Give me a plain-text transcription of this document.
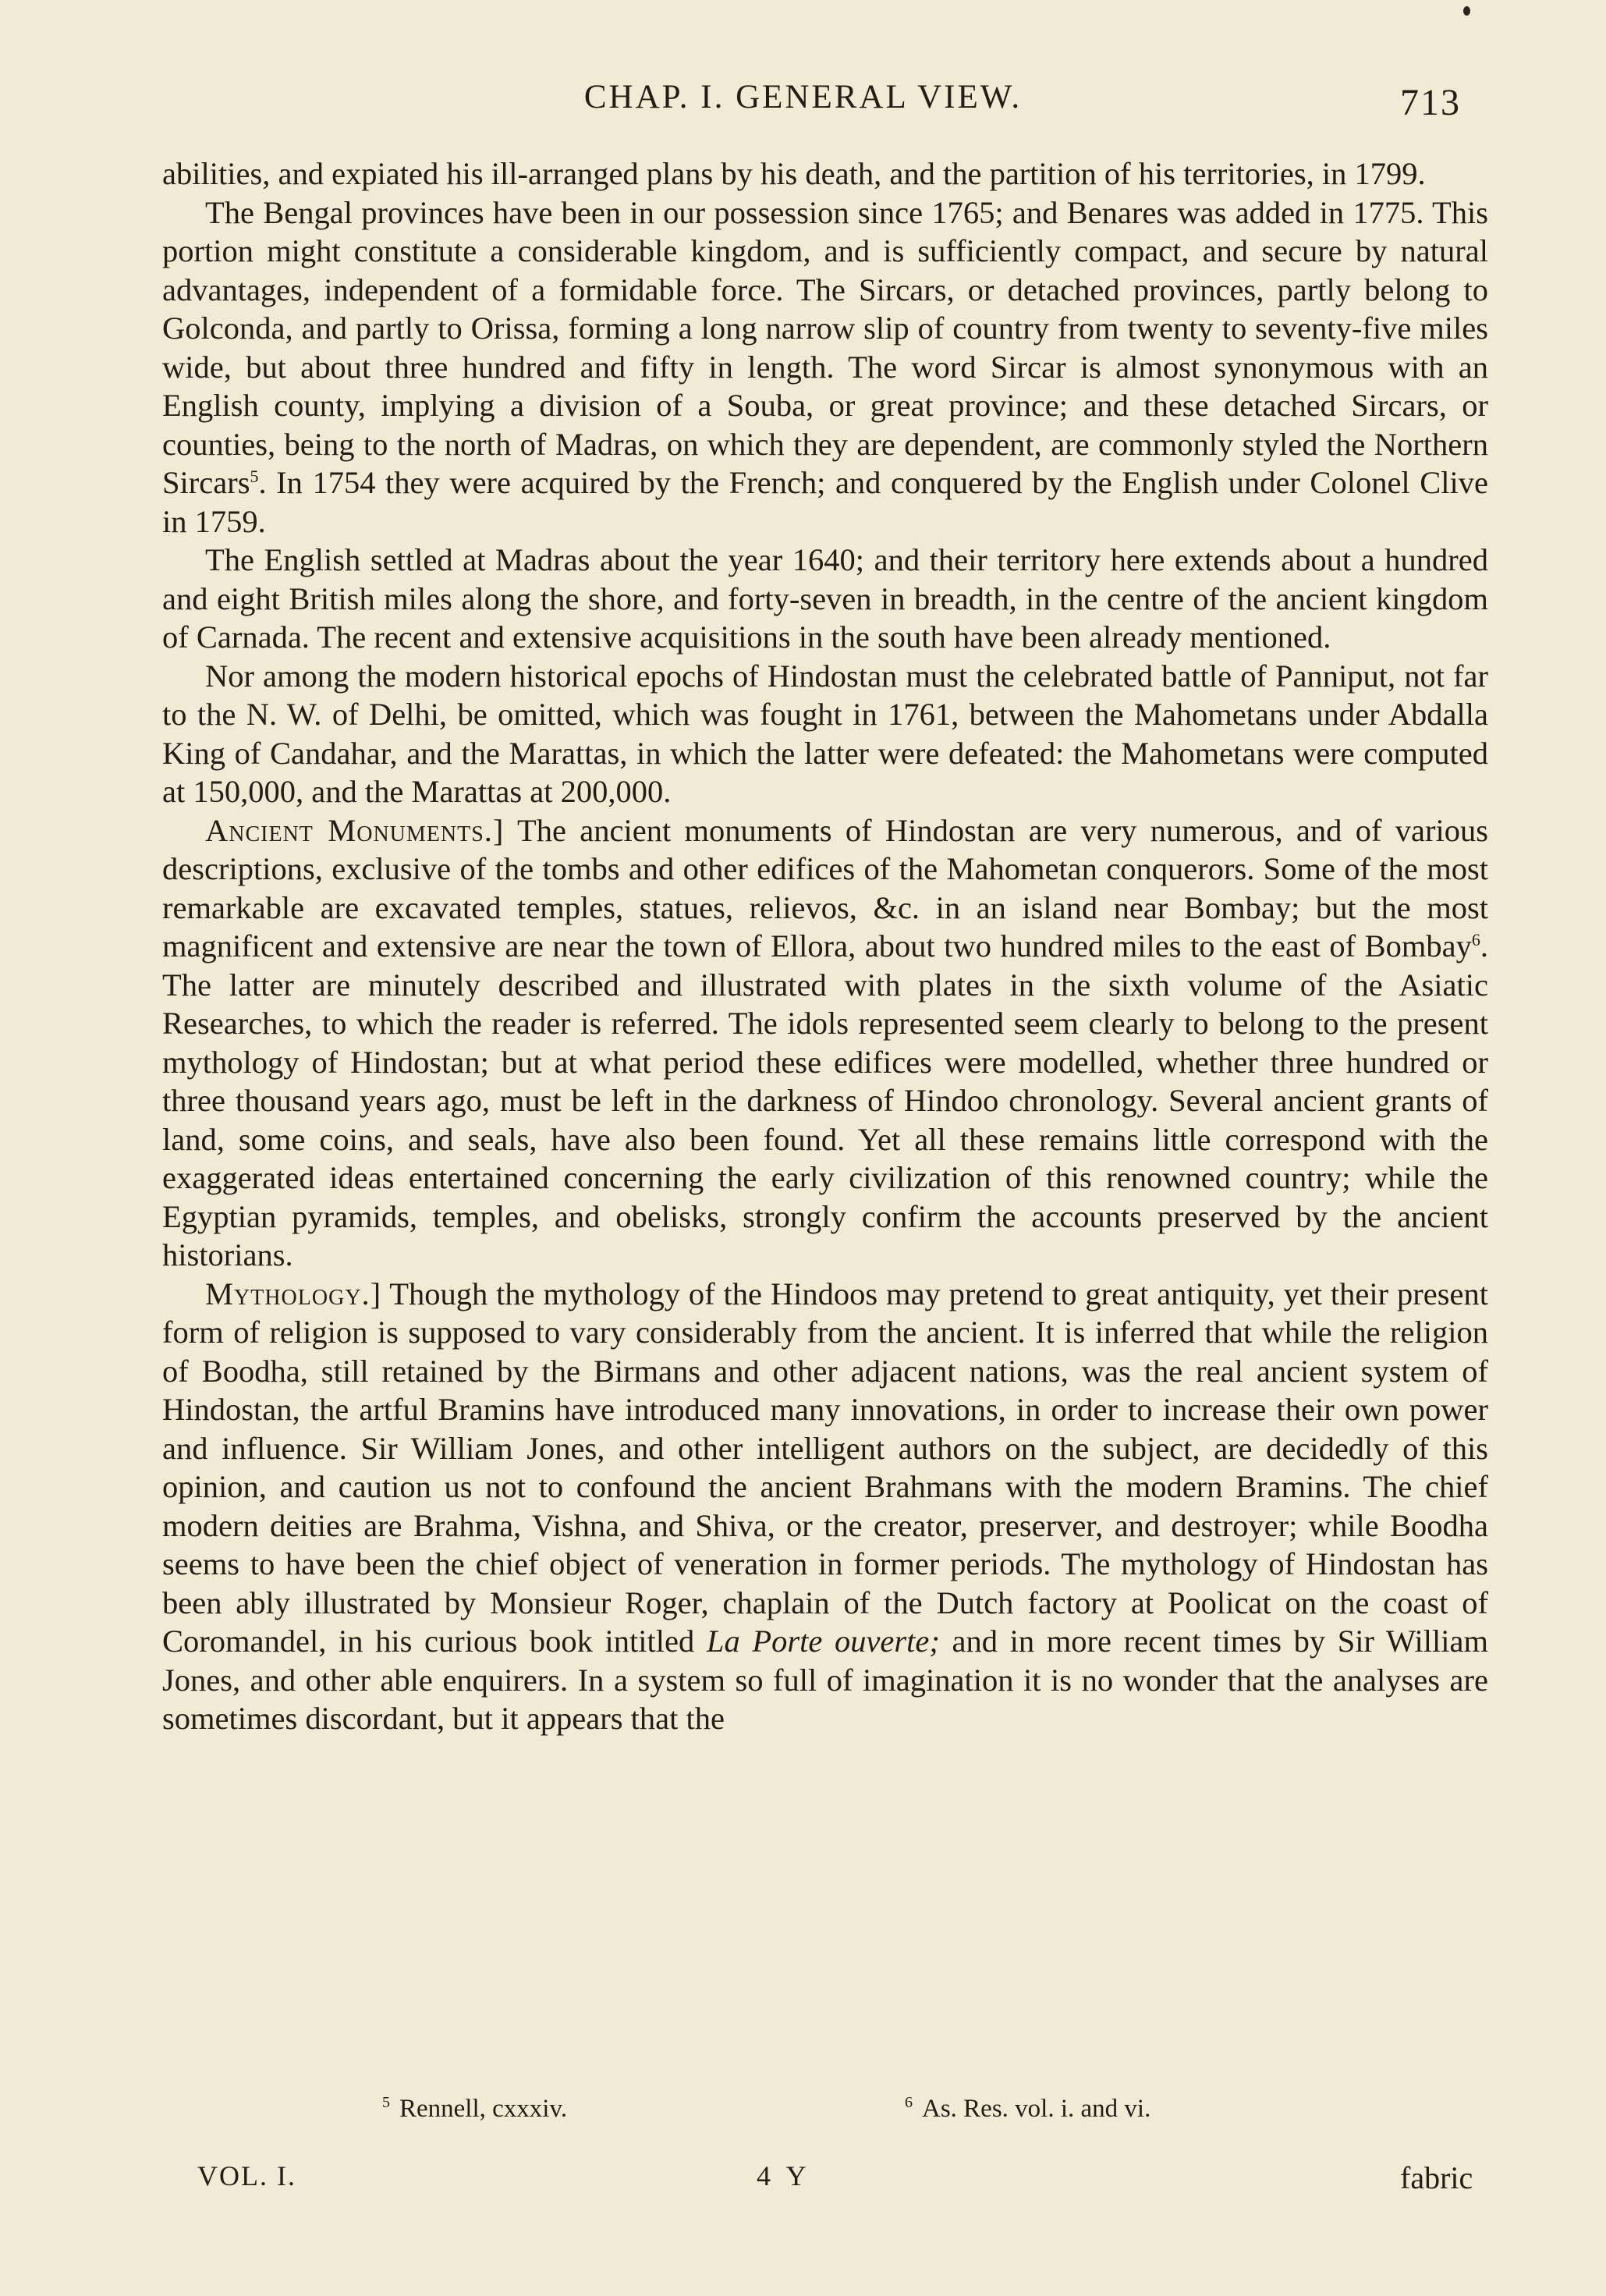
CHAP. I. GENERAL VIEW.	713

abilities, and expiated his ill-arranged plans by his death, and the partition of his territories, in 1799.

The Bengal provinces have been in our possession since 1765; and Benares was added in 1775. This portion might constitute a considerable kingdom, and is sufficiently compact, and secure by natural advantages, independent of a formidable force. The Sircars, or detached provinces, partly belong to Golconda, and partly to Orissa, forming a long narrow slip of country from twenty to seventy-five miles wide, but about three hundred and fifty in length. The word Sircar is almost synonymous with an English county, implying a division of a Souba, or great province; and these detached Sircars, or counties, being to the north of Madras, on which they are dependent, are commonly styled the Northern Sircars$^5$. In 1754 they were acquired by the French; and conquered by the English under Colonel Clive in 1759.

The English settled at Madras about the year 1640; and their territory here extends about a hundred and eight British miles along the shore, and forty-seven in breadth, in the centre of the ancient kingdom of Carnada. The recent and extensive acquisitions in the south have been already mentioned.

Nor among the modern historical epochs of Hindostan must the celebrated battle of Panniput, not far to the N. W. of Delhi, be omitted, which was fought in 1761, between the Mahometans under Abdalla King of Candahar, and the Marattas, in which the latter were defeated: the Mahometans were computed at 150,000, and the Marattas at 200,000.

Ancient Monuments.] The ancient monuments of Hindostan are very numerous, and of various descriptions, exclusive of the tombs and other edifices of the Mahometan conquerors. Some of the most remarkable are excavated temples, statues, relievos, &c. in an island near Bombay; but the most magnificent and extensive are near the town of Ellora, about two hundred miles to the east of Bombay$^6$. The latter are minutely described and illustrated with plates in the sixth volume of the Asiatic Researches, to which the reader is referred. The idols represented seem clearly to belong to the present mythology of Hindostan; but at what period these edifices were modelled, whether three hundred or three thousand years ago, must be left in the darkness of Hindoo chronology. Several ancient grants of land, some coins, and seals, have also been found. Yet all these remains little correspond with the exaggerated ideas entertained concerning the early civilization of this renowned country; while the Egyptian pyramids, temples, and obelisks, strongly confirm the accounts preserved by the ancient historians.

Mythology.] Though the mythology of the Hindoos may pretend to great antiquity, yet their present form of religion is supposed to vary considerably from the ancient. It is inferred that while the religion of Boodha, still retained by the Birmans and other adjacent nations, was the real ancient system of Hindostan, the artful Bramins have introduced many innovations, in order to increase their own power and influence. Sir William Jones, and other intelligent authors on the subject, are decidedly of this opinion, and caution us not to confound the ancient Brahmans with the modern Bramins. The chief modern deities are Brahma, Vishna, and Shiva, or the creator, preserver, and destroyer; while Boodha seems to have been the chief object of veneration in former periods. The mythology of Hindostan has been ably illustrated by Monsieur Roger, chaplain of the Dutch factory at Poolicat on the coast of Coromandel, in his curious book intitled La Porte ouverte; and in more recent times by Sir William Jones, and other able enquirers. In a system so full of imagination it is no wonder that the analyses are sometimes discordant, but it appears that the

$^5$ Rennell, cxxxiv.	$^6$ As. Res. vol. i. and vi.
VOL. I.	4 Y	fabric
